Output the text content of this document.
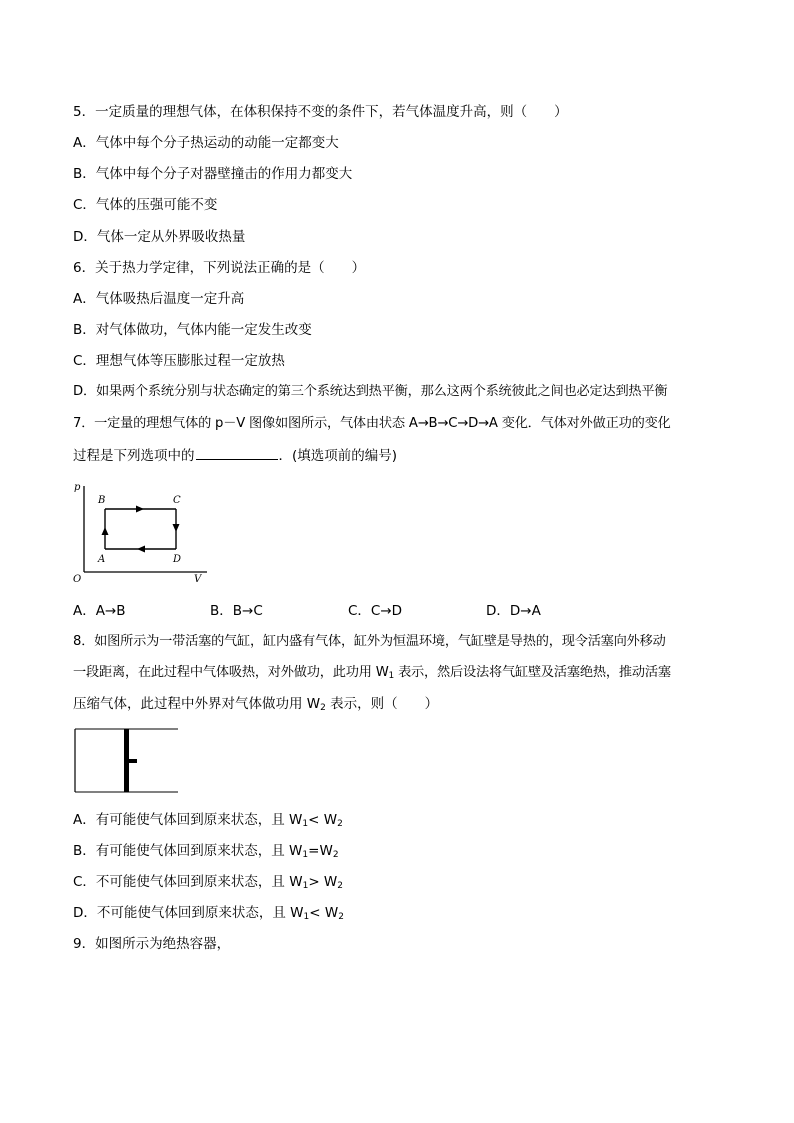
5．一定质量的理想气体，在体积保持不变的条件下，若气体温度升高，则（　　）
A．气体中每个分子热运动的动能一定都变大
B．气体中每个分子对器壁撞击的作用力都变大
C．气体的压强可能不变
D．气体一定从外界吸收热量
6．关于热力学定律，下列说法正确的是（　　）
A．气体吸热后温度一定升高
B．对气体做功，气体内能一定发生改变
C．理想气体等压膨胀过程一定放热
D．如果两个系统分别与状态确定的第三个系统达到热平衡，那么这两个系统彼此之间也必定达到热平衡
7．一定量的理想气体的 p－V 图像如图所示，气体由状态 A→B→C→D→A 变化．气体对外做正功的变化
过程是下列选项中的	．(填选项前的编号)
p
V
O
B	C
A	D
A．A→B	B．B→C	C．C→D	D．D→A
8．如图所示为一带活塞的气缸，缸内盛有气体，缸外为恒温环境，气缸壁是导热的，现令活塞向外移动
一段距离，在此过程中气体吸热，对外做功，此功用 $W_1$ 表示，然后设法将气缸壁及活塞绝热，推动活塞
压缩气体，此过程中外界对气体做功用 $W_2$ 表示，则（　　）
A．有可能使气体回到原来状态，且 $W_1< W_2$
B．有可能使气体回到原来状态，且 $W_1=W_2$
C．不可能使气体回到原来状态，且 $W_1> W_2$
D．不可能使气体回到原来状态，且 $W_1< W_2$
9．如图所示为绝热容器，
